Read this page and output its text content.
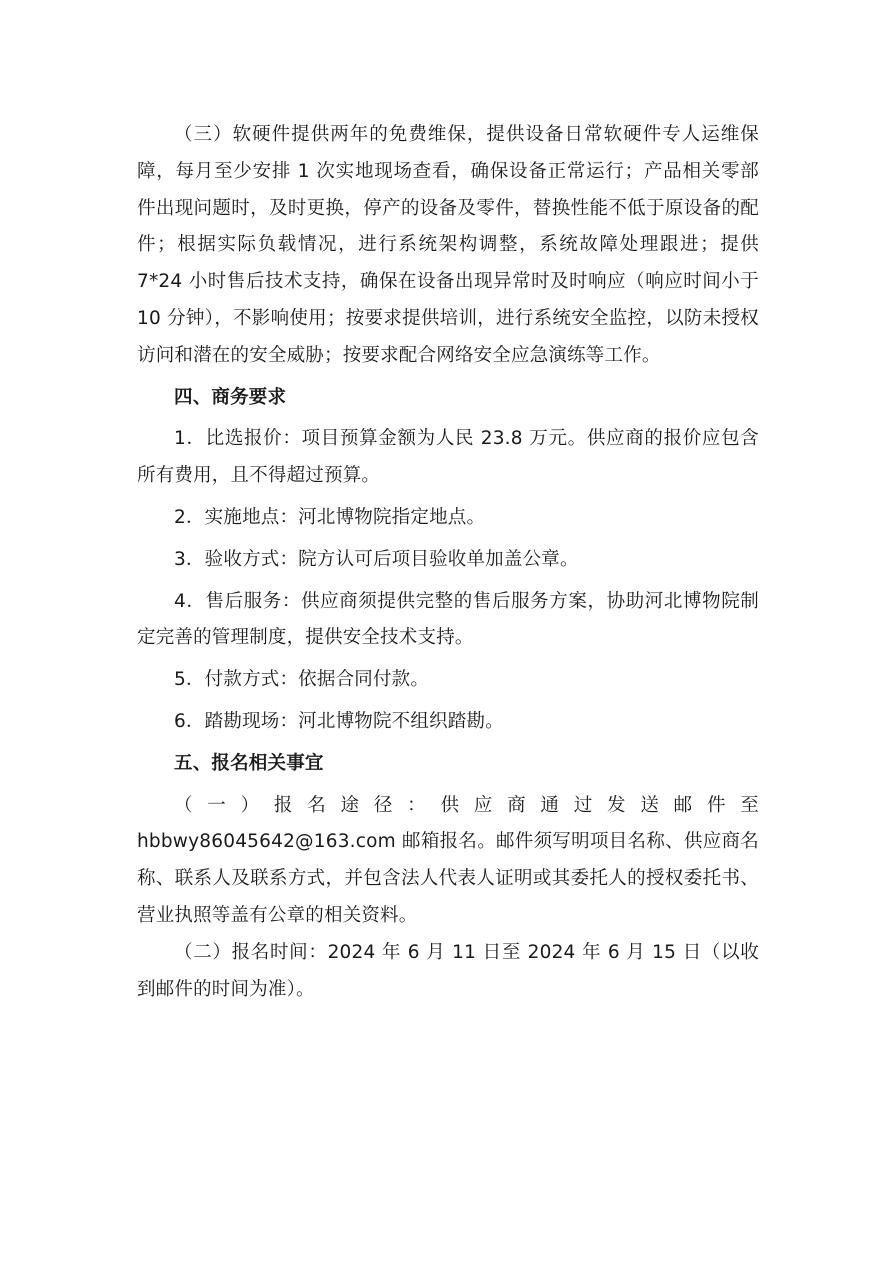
（三）软硬件提供两年的免费维保，提供设备日常软硬件专人运维保障，每月至少安排 1 次实地现场查看，确保设备正常运行；产品相关零部件出现问题时，及时更换，停产的设备及零件，替换性能不低于原设备的配件；根据实际负载情况，进行系统架构调整，系统故障处理跟进；提供 7*24 小时售后技术支持，确保在设备出现异常时及时响应（响应时间小于 10 分钟），不影响使用；按要求提供培训，进行系统安全监控，以防未授权访问和潜在的安全威胁；按要求配合网络安全应急演练等工作。

四、商务要求

1．比选报价：项目预算金额为人民 23.8 万元。供应商的报价应包含所有费用，且不得超过预算。

2．实施地点：河北博物院指定地点。

3．验收方式：院方认可后项目验收单加盖公章。

4．售后服务：供应商须提供完整的售后服务方案，协助河北博物院制定完善的管理制度，提供安全技术支持。

5．付款方式：依据合同付款。

6．踏勘现场：河北博物院不组织踏勘。

五、报名相关事宜

（一）报名途径：供应商通过发送邮件至

hbbwy86045642@163.com 邮箱报名。邮件须写明项目名称、供应商名称、联系人及联系方式，并包含法人代表人证明或其委托人的授权委托书、营业执照等盖有公章的相关资料。

（二）报名时间：2024 年 6 月 11 日至 2024 年 6 月 15 日（以收到邮件的时间为准）。
